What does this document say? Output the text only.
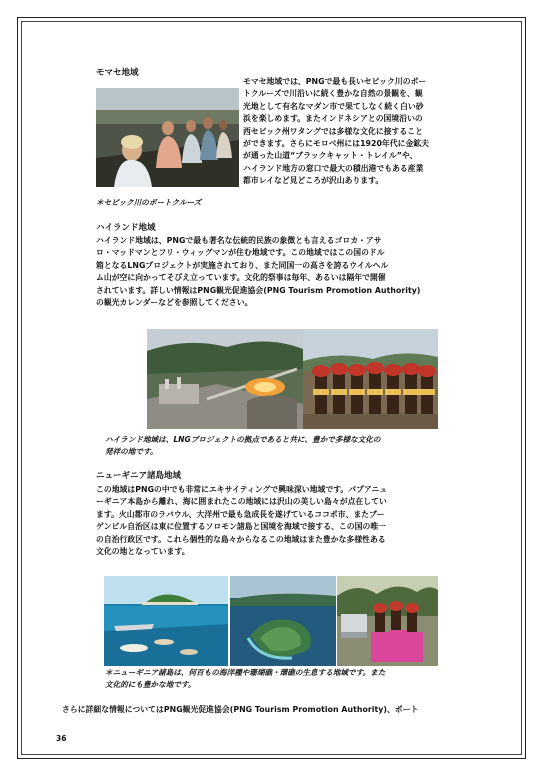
モマセ地域
モマセ地域では、PNGで最も長いセピック川のボー
トクルーズで川沿いに続く豊かな自然の景観を、観
光地として有名なマダン市で果てしなく続く白い砂
浜を楽しめます。またインドネシアとの国境沿いの
西セピック州ワタングでは多様な文化に接すること
ができます。さらにモロベ州には1920年代に金鉱夫
が通った山道“ブラックキャット・トレイル”や、
ハイランド地方の窓口で最大の積出港でもある産業
都市レイなど見どころが沢山あります。
＊セピック川のボートクルーズ
ハイランド地域
ハイランド地域は、PNGで最も著名な伝統的民族の象徴とも言えるゴロカ・アサ
ロ・マッドマンとフリ・ウィッグマンが住む地域です。この地域ではこの国のドル
箱となるLNGプロジェクトが実施されており、また同国一の高さを誇るウイルヘル
ム山が空に向かってそびえ立っています。文化的祭事は毎年、あるいは隔年で開催
されています。詳しい情報はPNG観光促進協会(PNG Tourism Promotion Authority)
の観光カレンダーなどを参照してください。
ハイランド地域は、LNGプロジェクトの拠点であると共に、豊かで多様な文化の
発祥の地です。
ニューギニア諸島地域
この地域はPNGの中でも非常にエキサイティングで興味深い地域です。パプアニュ
ーギニア本島から離れ、海に囲まれたこの地域には沢山の美しい島々が点在してい
ます。火山都市のラバウル、大洋州で最も急成長を遂げているココポ市、またブー
ゲンビル自治区は東に位置するソロモン諸島と国境を海域で接する、この国の唯一
の自治行政区です。これら個性的な島々からなるこの地域はまた豊かな多様性ある
文化の地となっています。
＊ニューギニア諸島は、何百もの海洋種や珊瑚礁・環礁の生息する地域です。また
文化的にも豊かな地です。
さらに詳細な情報についてはPNG観光促進協会(PNG Tourism Promotion Authority)、ポート
36
